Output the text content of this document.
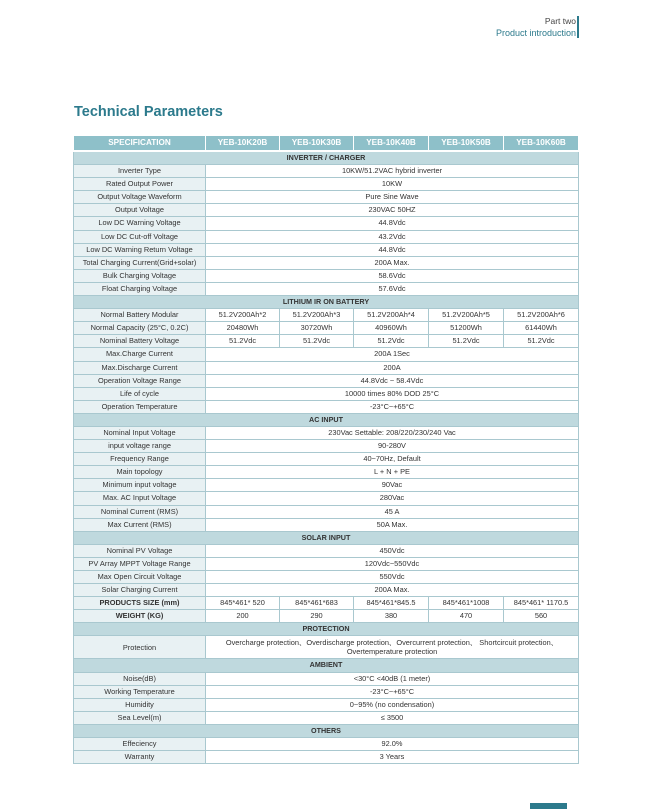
Part two
Product introduction
Technical Parameters
SPECIFICATION	YEB-10K20B	YEB-10K30B	YEB-10K40B	YEB-10K50B	YEB-10K60B
INVERTER / CHARGER					
Inverter Type	10KW/51.2VAC hybrid inverter				
Rated Output Power	10KW				
Output Voltage Waveform	Pure Sine Wave				
Output Voltage	230VAC 50HZ				
Low DC Warning Voltage	44.8Vdc				
Low DC Cut-off Voltage	43.2Vdc				
Low DC Warning Return Voltage	44.8Vdc				
Total Charging Current(Grid+solar)	200A Max.				
Bulk Charging Voltage	58.6Vdc				
Float Charging Voltage	57.6Vdc				
LITHIUM IR ON BATTERY					
Normal Battery Modular	51.2V200Ah*2	51.2V200Ah*3	51.2V200Ah*4	51.2V200Ah*5	51.2V200Ah*6
Normal Capacity (25°C, 0.2C)	20480Wh	30720Wh	40960Wh	51200Wh	61440Wh
Nominal Battery Voltage	51.2Vdc	51.2Vdc	51.2Vdc	51.2Vdc	51.2Vdc
Max.Charge Current	200A 1Sec				
Max.Discharge Current	200A				
Operation Voltage Range	44.8Vdc ~ 58.4Vdc				
Life of cycle	10000 times 80% DOD 25°C				
Operation Temperature	-23°C~+65°C				
AC INPUT					
Nominal Input Voltage	230Vac Settable: 208/220/230/240 Vac				
input voltage range	90-280V				
Frequency Range	40~70Hz, Default				
Main topology	L + N + PE				
Minimum input voltage	90Vac				
Max. AC Input Voltage	280Vac				
Nominal Current (RMS)	45 A				
Max Current (RMS)	50A Max.				
SOLAR INPUT					
Nominal PV Voltage	450Vdc				
PV Array MPPT Voltage Range	120Vdc~550Vdc				
Max Open Circuit Voltage	550Vdc				
Solar Charging Current	200A Max.				
PRODUCTS SIZE (mm)	845*461* 520	845*461*683	845*461*845.5	845*461*1008	845*461* 1170.5
WEIGHT (KG)	200	290	380	470	560
PROTECTION					
Protection	Overcharge protection、Overdischarge protection、Overcurrent protection、 Shortcircuit protection、Overtemperature protection				
AMBIENT					
Noise(dB)	<30°C <40dB (1 meter)				
Working Temperature	-23°C~+65°C				
Humidity	0~95% (no condensation)				
Sea Level(m)	≤ 3500				
OTHERS					
Effeciency	92.0%				
Warranty	3 Years				
